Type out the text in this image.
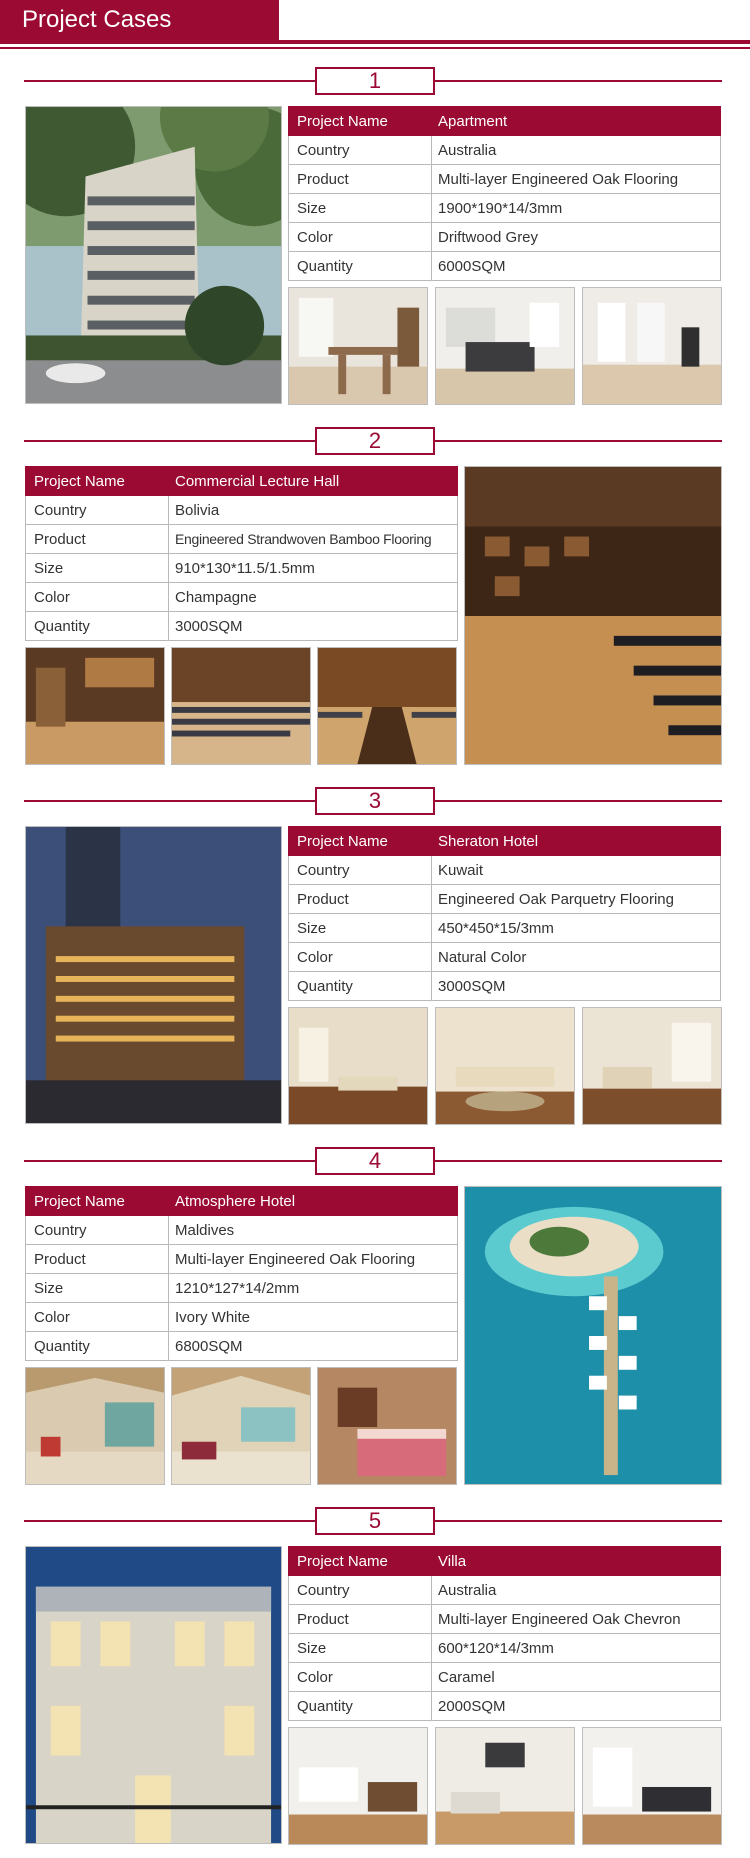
Project Cases
1
Project Name	Apartment
Country	Australia
Product	Multi-layer Engineered Oak Flooring
Size	1900*190*14/3mm
Color	Driftwood Grey
Quantity	6000SQM
2
Project Name	Commercial Lecture Hall
Country	Bolivia
Product	Engineered Strandwoven Bamboo Flooring
Size	910*130*11.5/1.5mm
Color	Champagne
Quantity	3000SQM
3
Project Name	Sheraton Hotel
Country	Kuwait
Product	Engineered Oak Parquetry Flooring
Size	450*450*15/3mm
Color	Natural Color
Quantity	3000SQM
4
Project Name	Atmosphere Hotel
Country	Maldives
Product	Multi-layer Engineered Oak Flooring
Size	1210*127*14/2mm
Color	Ivory White
Quantity	6800SQM
5
Project Name	Villa
Country	Australia
Product	Multi-layer Engineered Oak Chevron
Size	600*120*14/3mm
Color	Caramel
Quantity	2000SQM
